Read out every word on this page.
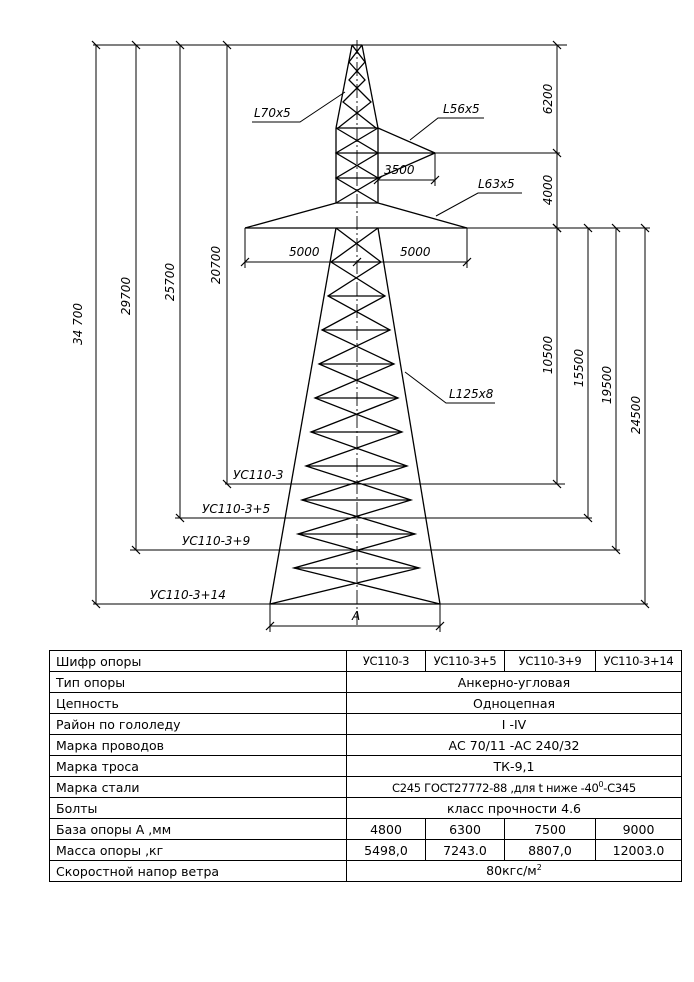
34 700
29700	25700	20700
6200
4000
10500 15500 19500
24500
3500
5000	5000
L70x5	L56x5
L63x5
L125x8
УС110-3
УС110-3+5
УС110-3+9
УС110-3+14
А
Шифр опоры	УС110-3	УС110-3+5	УС110-3+9	УС110-3+14
Тип опоры	Анкерно-угловая			
Цепность	Одноцепная			
Район по гололеду	I -IV			
Марка проводов	АС 70/11 -АС 240/32			
Марка троса	ТК-9,1			
Марка стали	С245 ГОСТ27772-88 ,для t ниже $-40^0-С345$			
Болты	класс прочности 4.6			
База опоры А ,мм	4800	6300	7500	9000
Масса опоры ,кг	5498,0	7243.0	8807,0	12003.0
Скоростной напор ветра	$80кгс/м^2$
